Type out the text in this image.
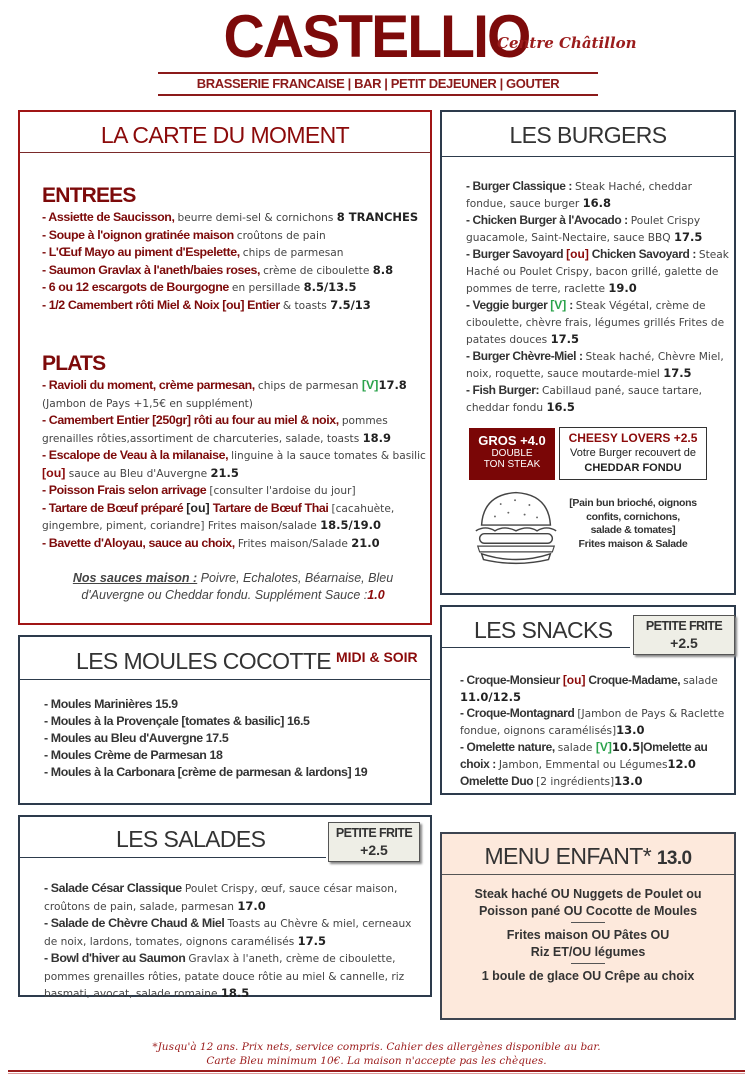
CASTELLIO
Centre Châtillon
BRASSERIE FRANCAISE | BAR | PETIT DEJEUNER | GOUTER
LA CARTE DU MOMENT
ENTREES
- Assiette de Saucisson, beurre demi-sel & cornichons 8 TRANCHES
- Soupe à l'oignon gratinée maison croûtons de pain
- L'Œuf Mayo au piment d'Espelette, chips de parmesan
- Saumon Gravlax à l'aneth/baies roses, crème de ciboulette 8.8
- 6 ou 12 escargots de Bourgogne en persillade 8.5/13.5
- 1/2 Camembert rôti Miel & Noix [ou] Entier & toasts 7.5/13
PLATS
- Ravioli du moment, crème parmesan, chips de parmesan [V]17.8 (Jambon de Pays +1,5€ en supplément)
- Camembert Entier [250gr] rôti au four au miel & noix, pommes grenailles rôties,assortiment de charcuteries, salade, toasts 18.9
- Escalope de Veau à la milanaise, linguine à la sauce tomates & basilic [ou] sauce au Bleu d'Auvergne 21.5
- Poisson Frais selon arrivage [consulter l'ardoise du jour]
- Tartare de Bœuf préparé [ou] Tartare de Bœuf Thai [cacahuète, gingembre, piment, coriandre] Frites maison/salade 18.5/19.0
- Bavette d'Aloyau, sauce au choix, Frites maison/Salade 21.0
Nos sauces maison : Poivre, Echalotes, Béarnaise, Bleu d'Auvergne ou Cheddar fondu. Supplément Sauce :1.0
LES MOULES COCOTTE MIDI & SOIR
- Moules Marinières 15.9
- Moules à la Provençale [tomates & basilic] 16.5
- Moules au Bleu d'Auvergne 17.5
- Moules Crème de Parmesan 18
- Moules à la Carbonara [crème de parmesan & lardons] 19
LES SALADES	PETITE FRITE
+2.5
- Salade César Classique Poulet Crispy, œuf, sauce césar maison, croûtons de pain, salade, parmesan 17.0
- Salade de Chèvre Chaud & Miel Toasts au Chèvre & miel, cerneaux de noix, lardons, tomates, oignons caramélisés 17.5
- Bowl d'hiver au Saumon Gravlax à l'aneth, crème de ciboulette, pommes grenailles rôties, patate douce rôtie au miel & cannelle, riz basmati, avocat, salade romaine 18.5
LES BURGERS
- Burger Classique : Steak Haché, cheddar fondue, sauce burger 16.8
- Chicken Burger à l'Avocado : Poulet Crispy guacamole, Saint-Nectaire, sauce BBQ 17.5
- Burger Savoyard [ou] Chicken Savoyard : Steak Haché ou Poulet Crispy, bacon grillé, galette de pommes de terre, raclette 19.0
- Veggie burger [V] : Steak Végétal, crème de ciboulette, chèvre frais, légumes grillés Frites de patates douces 17.5
- Burger Chèvre-Miel : Steak haché, Chèvre Miel, noix, roquette, sauce moutarde-miel 17.5
- Fish Burger: Cabillaud pané, sauce tartare, cheddar fondu 16.5
GROS +4.0
DOUBLE
TON STEAK
CHEESY LOVERS +2.5
Votre Burger recouvert de
CHEDDAR FONDU
[Pain bun brioché, oignons
confits, cornichons,
salade & tomates]
Frites maison & Salade
LES SNACKS	PETITE FRITE
+2.5
- Croque-Monsieur [ou] Croque-Madame, salade 11.0/12.5
- Croque-Montagnard [Jambon de Pays & Raclette fondue, oignons caramélisés]13.0
- Omelette nature, salade [V]10.5|Omelette au choix : Jambon, Emmental ou Légumes12.0
Omelette Duo [2 ingrédients]13.0
MENU ENFANT* 13.0
Steak haché OU Nuggets de Poulet ou
Poisson pané OU Cocotte de Moules
Frites maison OU Pâtes OU
Riz ET/OU légumes
1 boule de glace OU Crêpe au choix
*Jusqu'à 12 ans. Prix nets, service compris. Cahier des allergènes disponible au bar.
Carte Bleu minimum 10€. La maison n'accepte pas les chèques.
